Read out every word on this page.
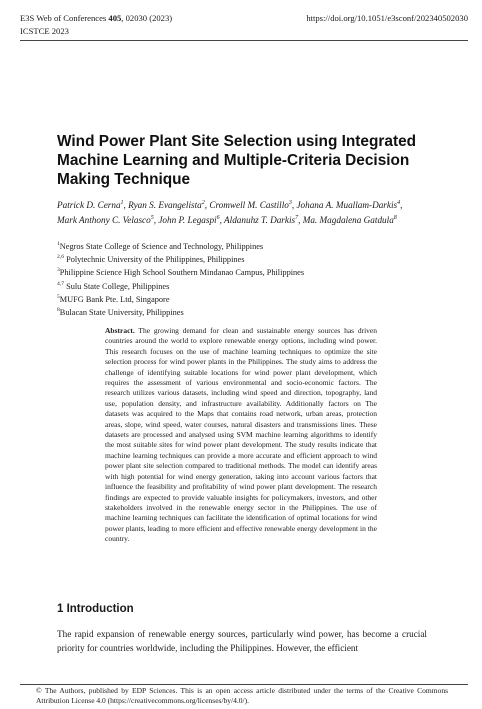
E3S Web of Conferences 405, 02030 (2023)
ICSTCE 2023
https://doi.org/10.1051/e3sconf/202340502030
Wind Power Plant Site Selection using Integrated Machine Learning and Multiple-Criteria Decision Making Technique

Patrick D. Cerna$^1$, Ryan S. Evangelista$^2$, Cromwell M. Castillo$^3$, Johana A. Muallam-Darkis$^4$, Mark Anthony C. Velasco$^5$, John P. Legaspi$^6$, Aldanuhz T. Darkis$^7$, Ma. Magdalena Gatdula$^8$

$^1$Negros State College of Science and Technology, Philippines
$^{2,6}$ Polytechnic University of the Philippines, Philippines
$^3$Philippine Science High School Southern Mindanao Campus, Philippines
$^{4,7}$ Sulu State College, Philippines
$^5$MUFG Bank Pte. Ltd, Singapore
$^8$Bulacan State University, Philippines

Abstract. The growing demand for clean and sustainable energy sources has driven countries around the world to explore renewable energy options, including wind power. This research focuses on the use of machine learning techniques to optimize the site selection process for wind power plants in the Philippines. The study aims to address the challenge of identifying suitable locations for wind power plant development, which requires the assessment of various environmental and socio-economic factors. The research utilizes various datasets, including wind speed and direction, topography, land use, population density, and infrastructure availability. Additionally factors on The datasets was acquired to the Maps that contains road network, urban areas, protection areas, slope, wind speed, water courses, natural disasters and transmissions lines. These datasets are processed and analysed using SVM machine learning algorithms to identify the most suitable sites for wind power plant development. The study results indicate that machine learning techniques can provide a more accurate and efficient approach to wind power plant site selection compared to traditional methods. The model can identify areas with high potential for wind energy generation, taking into account various factors that influence the feasibility and profitability of wind power plant development. The research findings are expected to provide valuable insights for policymakers, investors, and other stakeholders involved in the renewable energy sector in the Philippines. The use of machine learning techniques can facilitate the identification of optimal locations for wind power plants, leading to more efficient and effective renewable energy development in the country.

1 Introduction

The rapid expansion of renewable energy sources, particularly wind power, has become a crucial priority for countries worldwide, including the Philippines. However, the efficient

© The Authors, published by EDP Sciences. This is an open access article distributed under the terms of the Creative Commons Attribution License 4.0 (https://creativecommons.org/licenses/by/4.0/).
